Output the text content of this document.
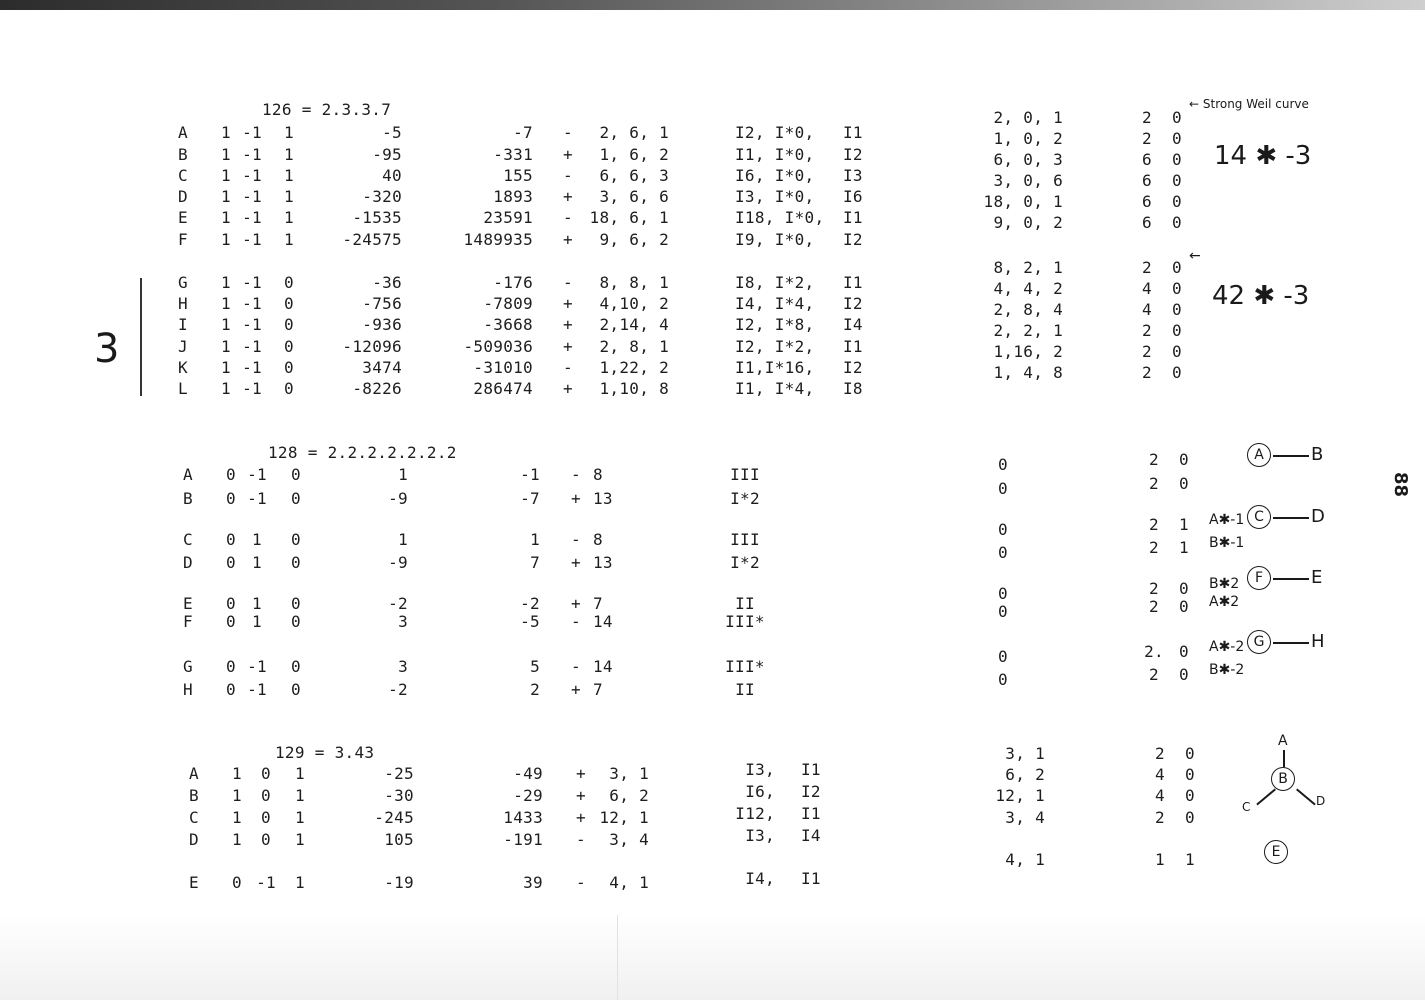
126 = 2.3.3.7
A	1 -1	1	-5	-7	-	2, 6, 1	I2, I*0, I1
B	1 -1	1	-95	-331	+	1, 6, 2	I1, I*0, I2
C	1 -1	1	40	155	-	6, 6, 3	I6, I*0, I3
D	1 -1	1	-320	1893	+	3, 6, 6	I3, I*0, I6
E	1 -1	1	-1535	23591	-	18, 6, 1	I18, I*0, I1
F	1 -1	1	-24575	1489935	+	9, 6, 2	I9, I*0, I2
G	1 -1	0	-36	-176	-	8, 8, 1	I8, I*2, I1
H	1 -1	0	-756	-7809	+	4,10, 2	I4, I*4, I2
I	1 -1	0	-936	-3668	+	2,14, 4	I2, I*8, I4
J	1 -1	0	-12096	-509036	+	2, 8, 1	I2, I*2, I1
K	1 -1	0	3474	-31010	-	1,22, 2	I1,I*16, I2
L	1 -1	0	-8226	286474	+	1,10, 8	I1, I*4, I8
2, 0, 1	2	0
1, 0, 2	2	0
6, 0, 3	6	0
3, 0, 6	6	0
18, 0, 1	6	0
9, 0, 2	6	0
8, 2, 1	2	0
4, 4, 2	4	0
2, 8, 4	4	0
2, 2, 1	2	0
1,16, 2	2	0
1, 4, 8	2	0
← Strong Weil curve
←
14 ✱ -3
42 ✱ -3
3
128 = 2.2.2.2.2.2.2
A	0 -1	0	1	-1	- 8	III
0	2	0
B	0 -1	0	-9	-7	+ 13	I*2
0	2	0
C	0	1	0	1	1	- 8	III
0	2	1	A✱-1
D	0	1	0	-9	7	+ 13	I*2
0	2	1	B✱-1
E	0	1	0	-2	-2	+ 7	II
0	2	0	B✱2
F	0	1	0	3	-5	- 14	III*
0	2	0	A✱2
G	0 -1	0	3	5	- 14	III*
0	2. 0	A✱-2
H	0 -1	0	-2	2	+ 7	II
0	2	0	B✱-2
A	B
C	D
F	E
G	H
129 = 3.43
A	1	0	1	-25	-49	+	3, 1	I3, I1
3, 1	2	0
B	1	0	1	-30	-29	+	6, 2	I6, I2
6, 2	4	0
C	1	0	1	-245	1433	+ 12, 1	I12, I1
12, 1	4	0
D	1	0	1	105	-191	-	3, 4	I3, I4
3, 4	2	0
E	0 -1	1	-19	39	-	4, 1	I4, I1
4, 1	1	1
A
B
C	D
E
88
